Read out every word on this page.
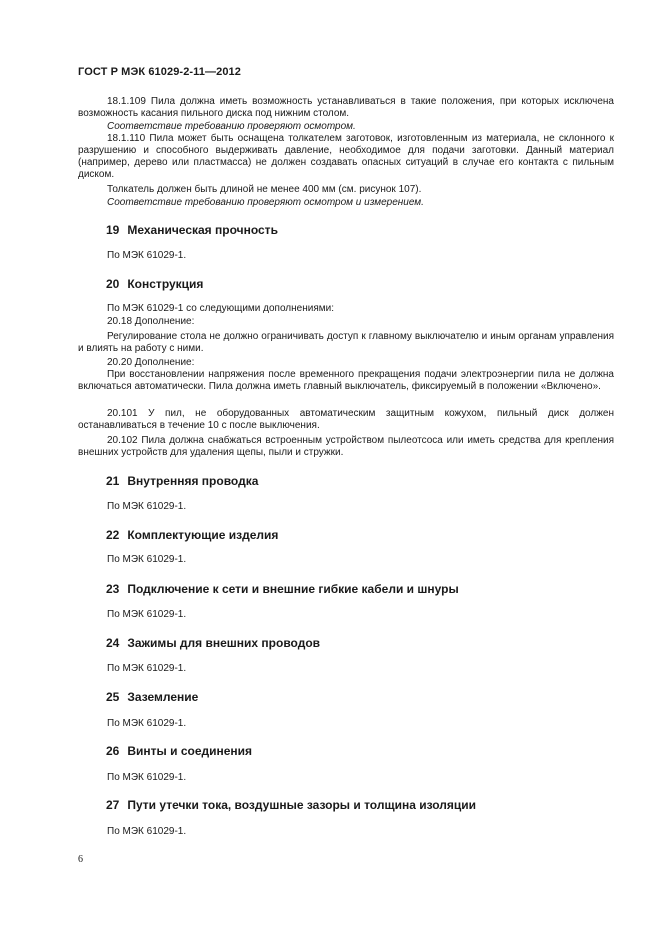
ГОСТ Р МЭК 61029-2-11—2012
18.1.109 Пила должна иметь возможность устанавливаться в такие положения, при которых исключена возможность касания пильного диска под нижним столом.
Соответствие требованию проверяют осмотром.
18.1.110 Пила может быть оснащена толкателем заготовок, изготовленным из материала, не склонного к разрушению и способного выдерживать давление, необходимое для подачи заготовки. Данный материал (например, дерево или пластмасса) не должен создавать опасных ситуаций в случае его контакта с пильным диском.
Толкатель должен быть длиной не менее 400 мм (см. рисунок 107).
Соответствие требованию проверяют осмотром и измерением.
19 Механическая прочность
По МЭК 61029-1.
20 Конструкция
По МЭК 61029-1 со следующими дополнениями:
20.18 Дополнение:
Регулирование стола не должно ограничивать доступ к главному выключателю и иным органам управления и влиять на работу с ними.
20.20 Дополнение:
При восстановлении напряжения после временного прекращения подачи электроэнергии пила не должна включаться автоматически. Пила должна иметь главный выключатель, фиксируемый в положении «Включено».
20.101 У пил, не оборудованных автоматическим защитным кожухом, пильный диск должен останавливаться в течение 10 с после выключения.
20.102 Пила должна снабжаться встроенным устройством пылеотсоса или иметь средства для крепления внешних устройств для удаления щепы, пыли и стружки.
21 Внутренняя проводка
По МЭК 61029-1.
22 Комплектующие изделия
По МЭК 61029-1.
23 Подключение к сети и внешние гибкие кабели и шнуры
По МЭК 61029-1.
24 Зажимы для внешних проводов
По МЭК 61029-1.
25 Заземление
По МЭК 61029-1.
26 Винты и соединения
По МЭК 61029-1.
27 Пути утечки тока, воздушные зазоры и толщина изоляции
По МЭК 61029-1.
6
